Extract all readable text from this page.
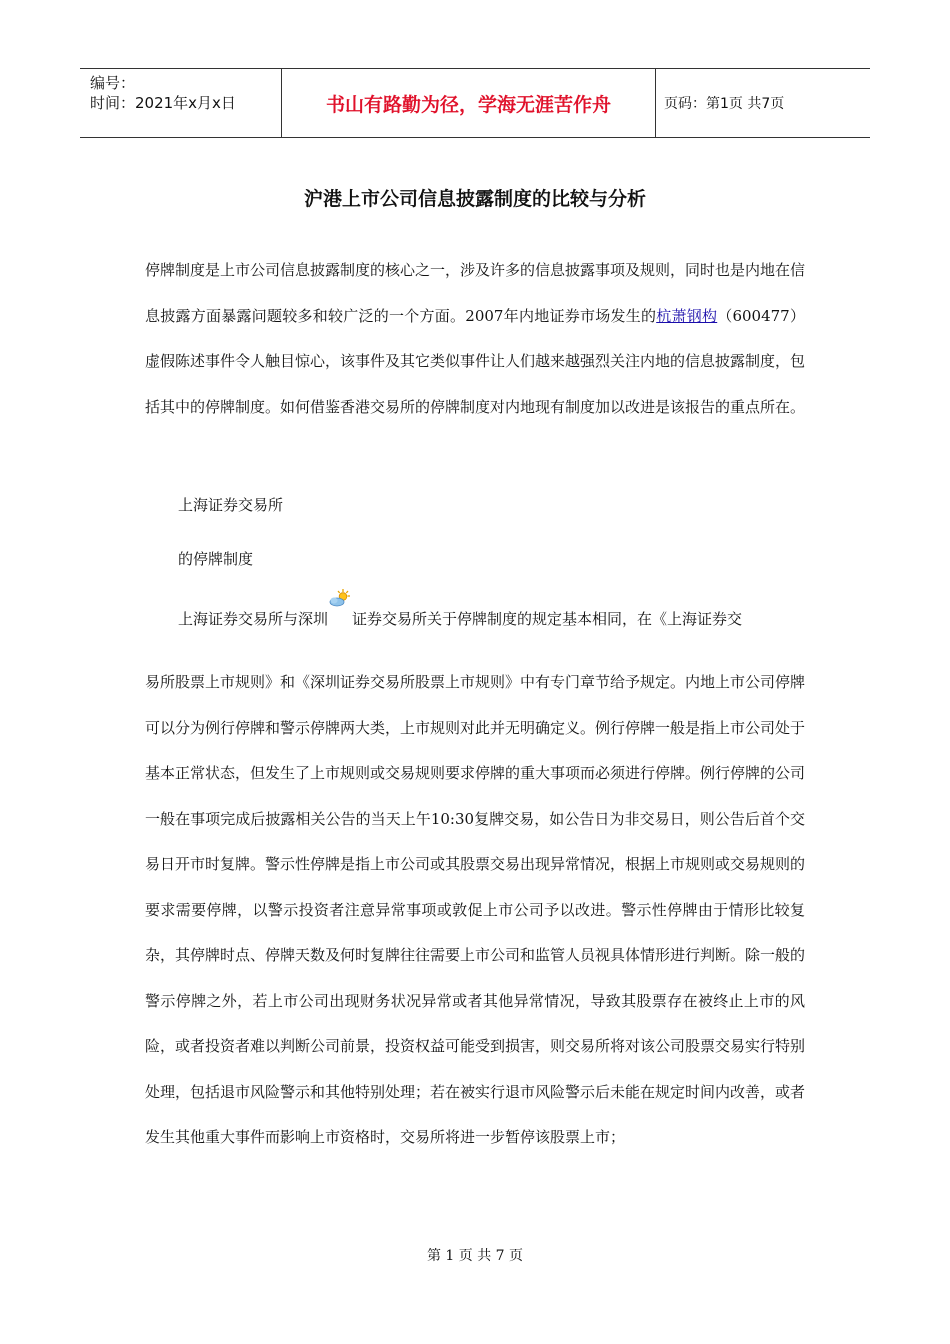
编号：
时间：2021年x月x日	书山有路勤为径，学海无涯苦作舟	页码：第1页 共7页
沪港上市公司信息披露制度的比较与分析
停牌制度是上市公司信息披露制度的核心之一，涉及许多的信息披露事项及规则，同时也是内地在信息披露方面暴露问题较多和较广泛的一个方面。2007年内地证券市场发生的杭萧钢构（600477）虚假陈述事件令人触目惊心，该事件及其它类似事件让人们越来越强烈关注内地的信息披露制度，包括其中的停牌制度。如何借鉴香港交易所的停牌制度对内地现有制度加以改进是该报告的重点所在。
上海证券交易所
的停牌制度
上海证券交易所与深圳 证券交易所关于停牌制度的规定基本相同，在《上海证券交
易所股票上市规则》和《深圳证券交易所股票上市规则》中有专门章节给予规定。内地上市公司停牌可以分为例行停牌和警示停牌两大类，上市规则对此并无明确定义。例行停牌一般是指上市公司处于基本正常状态，但发生了上市规则或交易规则要求停牌的重大事项而必须进行停牌。例行停牌的公司一般在事项完成后披露相关公告的当天上午10:30复牌交易，如公告日为非交易日，则公告后首个交易日开市时复牌。警示性停牌是指上市公司或其股票交易出现异常情况，根据上市规则或交易规则的要求需要停牌，以警示投资者注意异常事项或敦促上市公司予以改进。警示性停牌由于情形比较复杂，其停牌时点、停牌天数及何时复牌往往需要上市公司和监管人员视具体情形进行判断。除一般的警示停牌之外，若上市公司出现财务状况异常或者其他异常情况，导致其股票存在被终止上市的风险，或者投资者难以判断公司前景，投资权益可能受到损害，则交易所将对该公司股票交易实行特别处理，包括退市风险警示和其他特别处理；若在被实行退市风险警示后未能在规定时间内改善，或者发生其他重大事件而影响上市资格时，交易所将进一步暂停该股票上市；
第 1 页 共 7 页
